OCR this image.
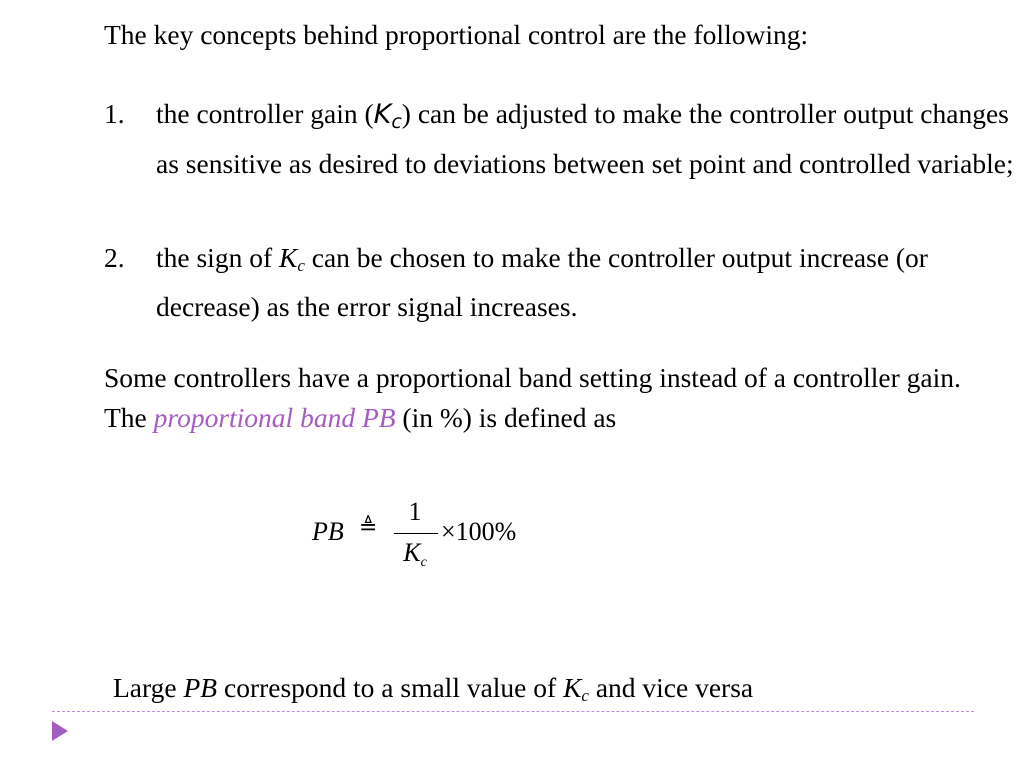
The key concepts behind proportional control are the following:

1. the controller gain $(K_c)$ can be adjusted to make the controller output changes as sensitive as desired to deviations between set point and controlled variable;
2. the sign of $K_c$ can be chosen to make the controller output increase (or decrease) as the error signal increases.

Some controllers have a proportional band setting instead of a controller gain. The proportional band PB (in %) is defined as

PB ≜
1
$K_c$
×100%

Large PB correspond to a small value of $K_c$ and vice versa
